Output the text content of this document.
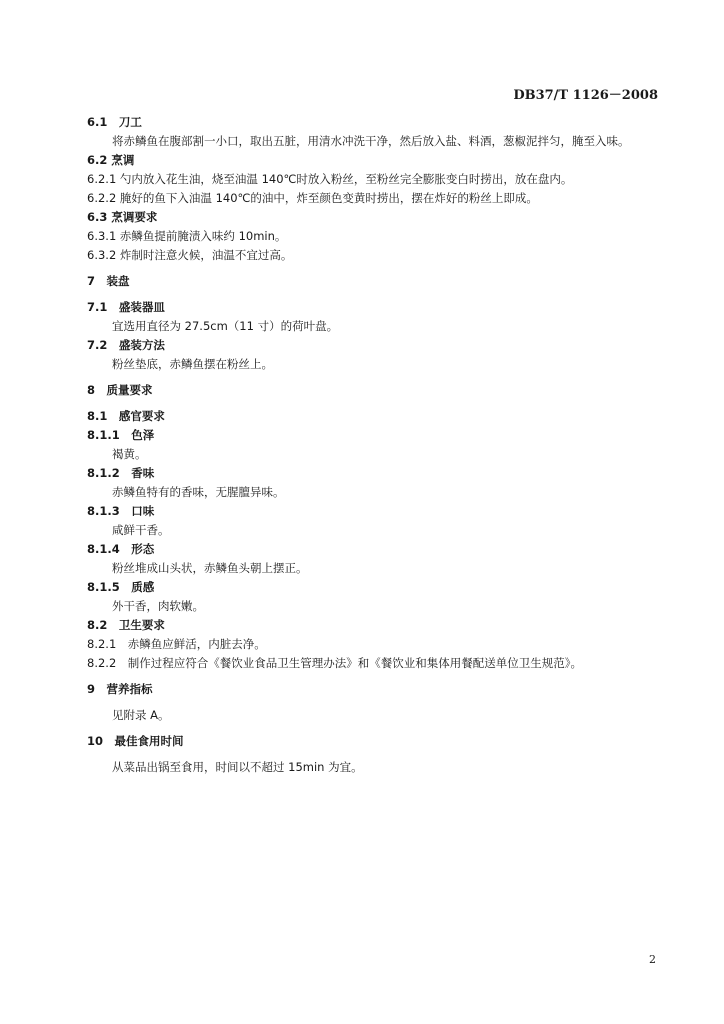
DB37/T 1126－2008
6.1　刀工
将赤鳞鱼在腹部割一小口，取出五脏，用清水冲洗干净，然后放入盐、料酒，葱椒泥拌匀，腌至入味。
6.2 烹调
6.2.1 勺内放入花生油，烧至油温 140℃时放入粉丝，至粉丝完全膨胀变白时捞出，放在盘内。
6.2.2 腌好的鱼下入油温 140℃的油中，炸至颜色变黄时捞出，摆在炸好的粉丝上即成。
6.3 烹调要求
6.3.1 赤鳞鱼提前腌渍入味约 10min。
6.3.2 炸制时注意火候，油温不宜过高。
7　装盘
7.1　盛装器皿
宜选用直径为 27.5cm（11 寸）的荷叶盘。
7.2　盛装方法
粉丝垫底，赤鳞鱼摆在粉丝上。
8　质量要求
8.1　感官要求
8.1.1　色泽
褐黄。
8.1.2　香味
赤鳞鱼特有的香味，无腥膻异味。
8.1.3　口味
咸鲜干香。
8.1.4　形态
粉丝堆成山头状，赤鳞鱼头朝上摆正。
8.1.5　质感
外干香，肉软嫩。
8.2　卫生要求
8.2.1　赤鳞鱼应鲜活，内脏去净。
8.2.2　制作过程应符合《餐饮业食品卫生管理办法》和《餐饮业和集体用餐配送单位卫生规范》。
9　营养指标
见附录 A。
10　最佳食用时间
从菜品出锅至食用，时间以不超过 15min 为宜。
2
